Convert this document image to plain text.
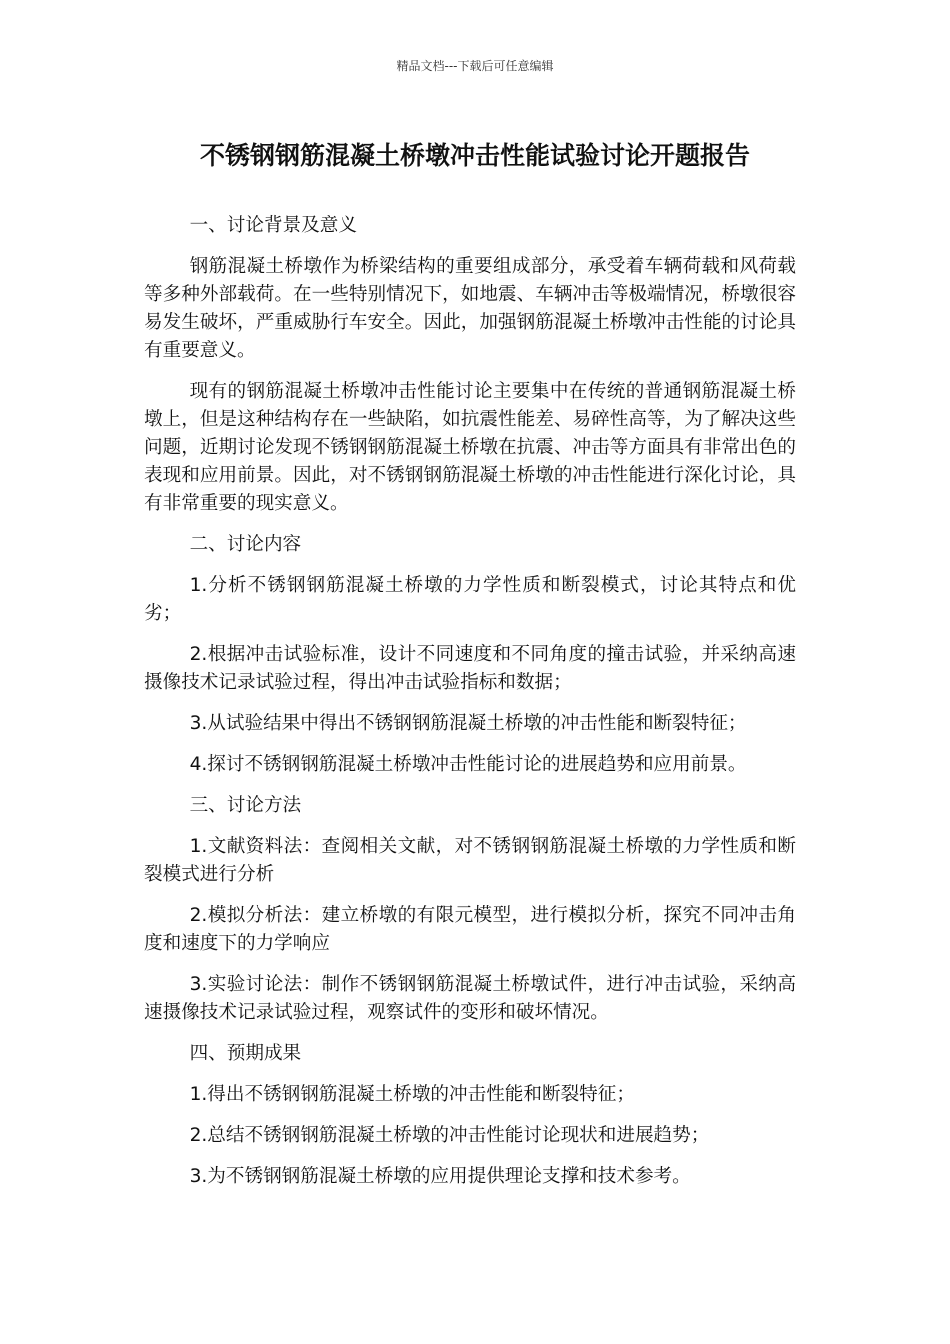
精品文档---下载后可任意编辑
不锈钢钢筋混凝土桥墩冲击性能试验讨论开题报告

一、讨论背景及意义

钢筋混凝土桥墩作为桥梁结构的重要组成部分，承受着车辆荷载和风荷载等多种外部载荷。在一些特别情况下，如地震、车辆冲击等极端情况，桥墩很容易发生破坏，严重威胁行车安全。因此，加强钢筋混凝土桥墩冲击性能的讨论具有重要意义。

现有的钢筋混凝土桥墩冲击性能讨论主要集中在传统的普通钢筋混凝土桥墩上，但是这种结构存在一些缺陷，如抗震性能差、易碎性高等，为了解决这些问题，近期讨论发现不锈钢钢筋混凝土桥墩在抗震、冲击等方面具有非常出色的表现和应用前景。因此，对不锈钢钢筋混凝土桥墩的冲击性能进行深化讨论，具有非常重要的现实意义。

二、讨论内容

1.分析不锈钢钢筋混凝土桥墩的力学性质和断裂模式，讨论其特点和优劣；

2.根据冲击试验标准，设计不同速度和不同角度的撞击试验，并采纳高速摄像技术记录试验过程，得出冲击试验指标和数据；

3.从试验结果中得出不锈钢钢筋混凝土桥墩的冲击性能和断裂特征；

4.探讨不锈钢钢筋混凝土桥墩冲击性能讨论的进展趋势和应用前景。

三、讨论方法

1.文献资料法：查阅相关文献，对不锈钢钢筋混凝土桥墩的力学性质和断裂模式进行分析

2.模拟分析法：建立桥墩的有限元模型，进行模拟分析，探究不同冲击角度和速度下的力学响应

3.实验讨论法：制作不锈钢钢筋混凝土桥墩试件，进行冲击试验，采纳高速摄像技术记录试验过程，观察试件的变形和破坏情况。

四、预期成果

1.得出不锈钢钢筋混凝土桥墩的冲击性能和断裂特征；

2.总结不锈钢钢筋混凝土桥墩的冲击性能讨论现状和进展趋势；

3.为不锈钢钢筋混凝土桥墩的应用提供理论支撑和技术参考。
